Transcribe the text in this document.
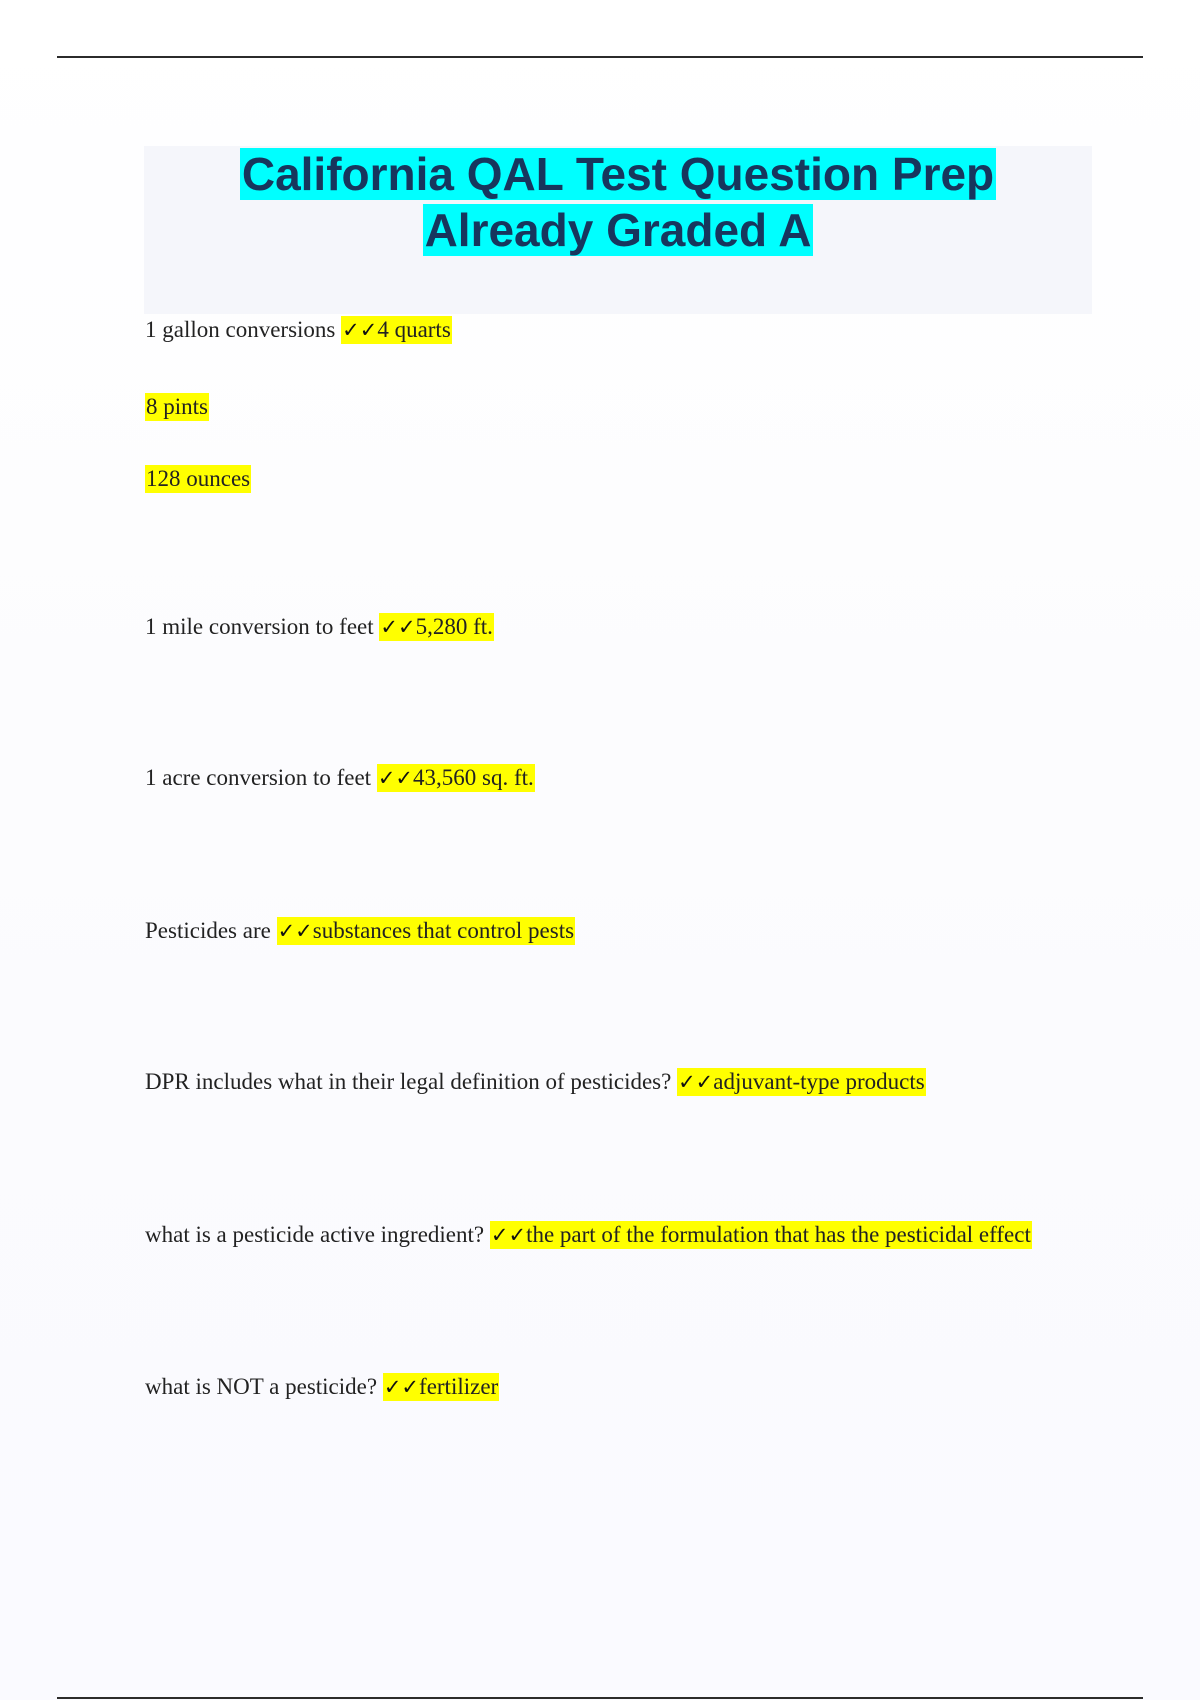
California QAL Test Question Prep
Already Graded A
1 gallon conversions ✓✓4 quarts
8 pints
128 ounces
1 mile conversion to feet ✓✓5,280 ft.
1 acre conversion to feet ✓✓43,560 sq. ft.
Pesticides are ✓✓substances that control pests
DPR includes what in their legal definition of pesticides? ✓✓adjuvant-type products
what is a pesticide active ingredient? ✓✓the part of the formulation that has the pesticidal effect
what is NOT a pesticide? ✓✓fertilizer
